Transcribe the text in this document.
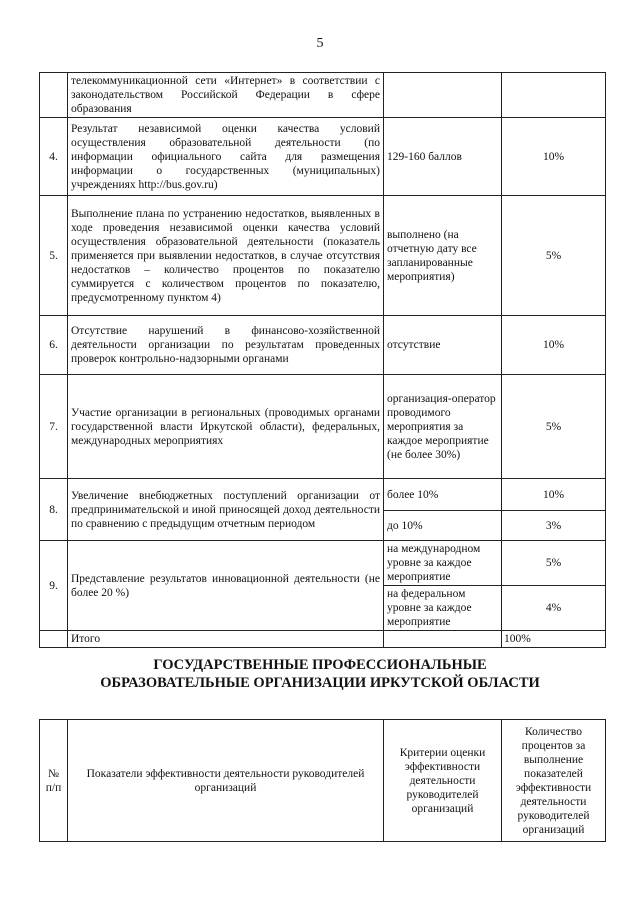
5
	телекоммуникационной сети «Интернет» в соответствии с законодательством Российской Федерации в сфере образования		
4.	Результат независимой оценки качества условий осуществления образовательной деятельности (по информации официального сайта для размещения информации о государственных (муниципальных) учреждениях http://bus.gov.ru)	129-160 баллов	10%
5.	Выполнение плана по устранению недостатков, выявленных в ходе проведения независимой оценки качества условий осуществления образовательной деятельности (показатель применяется при выявлении недостатков, в случае отсутствия недостатков – количество процентов по показателю суммируется с количеством процентов по показателю, предусмотренному пунктом 4)	выполнено (на отчетную дату все запланированные мероприятия)	5%
6.	Отсутствие нарушений в финансово-хозяйственной деятельности организации по результатам проведенных проверок контрольно-надзорными органами	отсутствие	10%
7.	Участие организации в региональных (проводимых органами государственной власти Иркутской области), федеральных, международных мероприятиях	организация-оператор проводимого мероприятия за каждое мероприятие (не более 30%)	5%
8.	Увеличение внебюджетных поступлений организации от предпринимательской и иной приносящей доход деятельности по сравнению с предыдущим отчетным периодом	более 10%	10%
		до 10%	3%
9.	Представление результатов инновационной деятельности (не более 20 %)	на международном уровне за каждое мероприятие	5%
		на федеральном уровне за каждое мероприятие	4%
	Итого		100%
ГОСУДАРСТВЕННЫЕ ПРОФЕССИОНАЛЬНЫЕ ОБРАЗОВАТЕЛЬНЫЕ ОРГАНИЗАЦИИ ИРКУТСКОЙ ОБЛАСТИ
№ п/п	Показатели эффективности деятельности руководителей организаций	Критерии оценки эффективности деятельности руководителей организаций	Количество процентов за выполнение показателей эффективности деятельности руководителей организаций
